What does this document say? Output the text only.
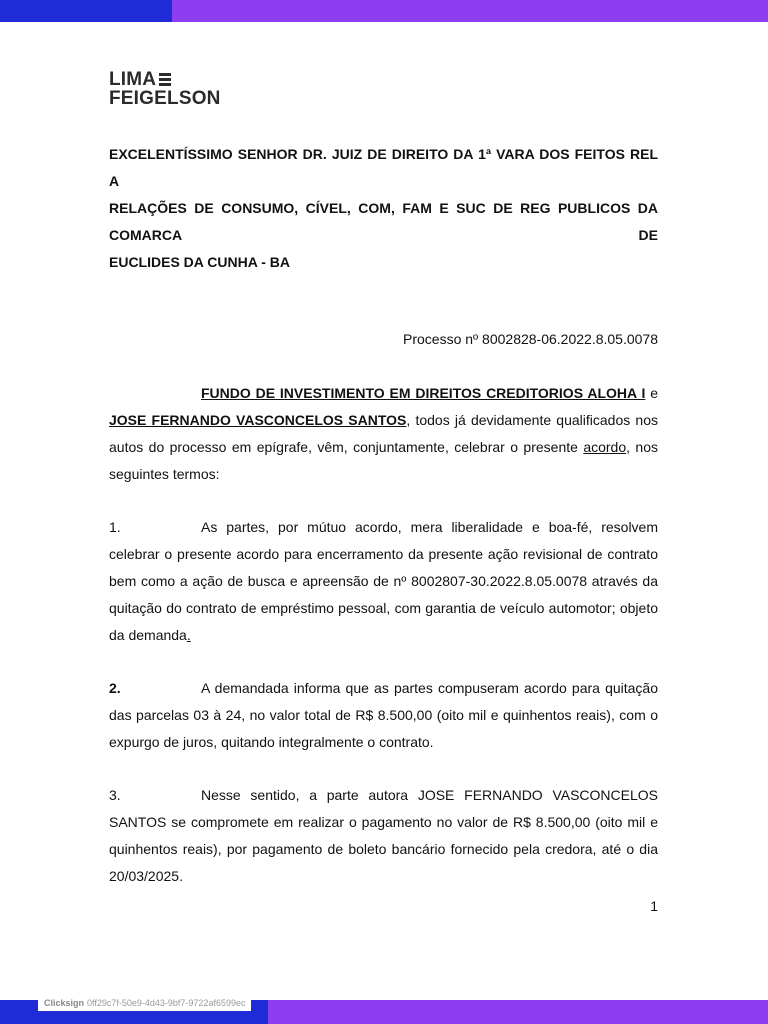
LIMA
FEIGELSON
EXCELENTÍSSIMO SENHOR DR. JUIZ DE DIREITO DA 1ª VARA DOS FEITOS REL A
RELAÇÕES DE CONSUMO, CÍVEL, COM, FAM E SUC DE REG PUBLICOS DA COMARCA DE
EUCLIDES DA CUNHA - BA
Processo nº 8002828-06.2022.8.05.0078
FUNDO DE INVESTIMENTO EM DIREITOS CREDITORIOS ALOHA I e JOSE FERNANDO VASCONCELOS SANTOS, todos já devidamente qualificados nos autos do processo em epígrafe, vêm, conjuntamente, celebrar o presente acordo, nos seguintes termos:
1.	As partes, por mútuo acordo, mera liberalidade e boa-fé, resolvem celebrar o presente acordo para encerramento da presente ação revisional de contrato bem como a ação de busca e apreensão de nº 8002807-30.2022.8.05.0078 através da quitação do contrato de empréstimo pessoal, com garantia de veículo automotor; objeto da demanda.
2.	A demandada informa que as partes compuseram acordo para quitação das parcelas 03 à 24, no valor total de R$ 8.500,00 (oito mil e quinhentos reais), com o expurgo de juros, quitando integralmente o contrato.
3.	Nesse sentido, a parte autora JOSE FERNANDO VASCONCELOS SANTOS se compromete em realizar o pagamento no valor de R$ 8.500,00 (oito mil e quinhentos reais), por pagamento de boleto bancário fornecido pela credora, até o dia 20/03/2025.
1
Clicksign 0ff29c7f-50e9-4d43-9bf7-9722af6599ec
